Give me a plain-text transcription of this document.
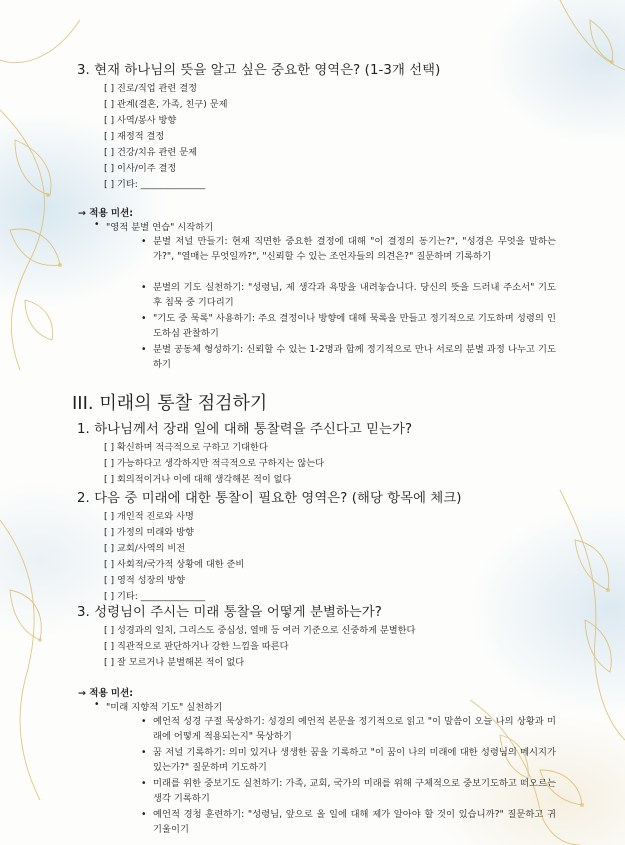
3. 현재 하나님의 뜻을 알고 싶은 중요한 영역은? (1-3개 선택)
[ ] 진로/직업 관련 결정
[ ] 관계(결혼, 가족, 친구) 문제
[ ] 사역/봉사 방향
[ ] 재정적 결정
[ ] 건강/치유 관련 문제
[ ] 이사/이주 결정
[ ] 기타: ______________
→ 적용 미션:
• "영적 분별 연습" 시작하기
• 분별 저널 만들기: 현재 직면한 중요한 결정에 대해 "이 결정의 동기는?", "성경은 무엇을 말하는가?", "열매는 무엇일까?", "신뢰할 수 있는 조언자들의 의견은?" 질문하며 기록하기
• 분별의 기도 실천하기: "성령님, 제 생각과 욕망을 내려놓습니다. 당신의 뜻을 드러내 주소서" 기도 후 침묵 중 기다리기
• "기도 중 묵록" 사용하기: 주요 결정이나 방향에 대해 묵록을 만들고 정기적으로 기도하며 성령의 인도하심 관찰하기
• 분별 공동체 형성하기: 신뢰할 수 있는 1-2명과 함께 정기적으로 만나 서로의 분별 과정 나누고 기도하기
III. 미래의 통찰 점검하기
1. 하나님께서 장래 일에 대해 통찰력을 주신다고 믿는가?
[ ] 확신하며 적극적으로 구하고 기대한다
[ ] 가능하다고 생각하지만 적극적으로 구하지는 않는다
[ ] 회의적이거나 이에 대해 생각해본 적이 없다
2. 다음 중 미래에 대한 통찰이 필요한 영역은? (해당 항목에 체크)
[ ] 개인적 진로와 사명
[ ] 가정의 미래와 방향
[ ] 교회/사역의 비전
[ ] 사회적/국가적 상황에 대한 준비
[ ] 영적 성장의 방향
[ ] 기타: ______________
3. 성령님이 주시는 미래 통찰을 어떻게 분별하는가?
[ ] 성경과의 일치, 그리스도 중심성, 열매 등 여러 기준으로 신중하게 분별한다
[ ] 직관적으로 판단하거나 강한 느낌을 따른다
[ ] 잘 모르거나 분별해본 적이 없다
→ 적용 미션:
• "미래 지향적 기도" 실천하기
• 예언적 성경 구절 묵상하기: 성경의 예언적 본문을 정기적으로 읽고 "이 말씀이 오늘 나의 상황과 미래에 어떻게 적용되는지" 묵상하기
• 꿈 저널 기록하기: 의미 있거나 생생한 꿈을 기록하고 "이 꿈이 나의 미래에 대한 성령님의 메시지가 있는가?" 질문하며 기도하기
• 미래를 위한 중보기도 실천하기: 가족, 교회, 국가의 미래를 위해 구체적으로 중보기도하고 떠오르는 생각 기록하기
• 예언적 경청 훈련하기: "성령님, 앞으로 올 일에 대해 제가 알아야 할 것이 있습니까?" 질문하고 귀 기울이기
